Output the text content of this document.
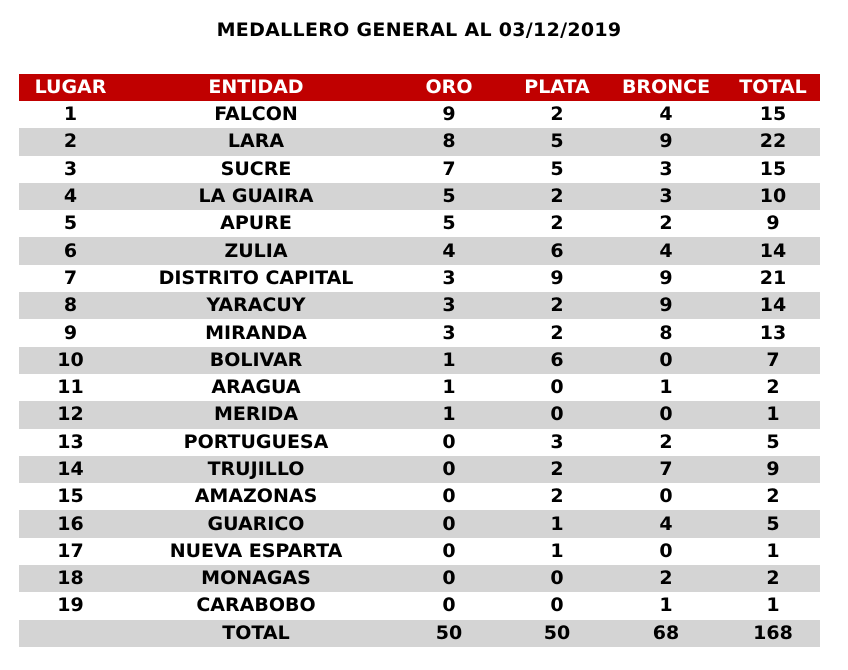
MEDALLERO GENERAL AL 03/12/2019
LUGAR	ENTIDAD	ORO	PLATA	BRONCE	TOTAL
1	FALCON	9	2	4	15
2	LARA	8	5	9	22
3	SUCRE	7	5	3	15
4	LA GUAIRA	5	2	3	10
5	APURE	5	2	2	9
6	ZULIA	4	6	4	14
7	DISTRITO CAPITAL	3	9	9	21
8	YARACUY	3	2	9	14
9	MIRANDA	3	2	8	13
10	BOLIVAR	1	6	0	7
11	ARAGUA	1	0	1	2
12	MERIDA	1	0	0	1
13	PORTUGUESA	0	3	2	5
14	TRUJILLO	0	2	7	9
15	AMAZONAS	0	2	0	2
16	GUARICO	0	1	4	5
17	NUEVA ESPARTA	0	1	0	1
18	MONAGAS	0	0	2	2
19	CARABOBO	0	0	1	1
	TOTAL	50	50	68	168
